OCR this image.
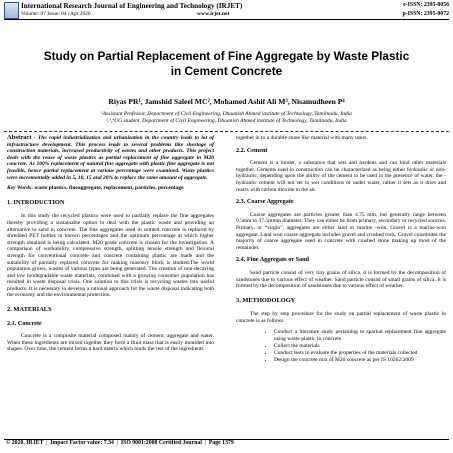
International Research Journal of Engineering and Technology (IRJET)
Volume: 07 Issue: 04 | Apr 2020	www.irjet.net
e-ISSN: 2395-0056
p-ISSN: 2395-0072
Study on Partial Replacement of Fine Aggregate by Waste Plastic
in Cement Concrete
Riyas PR¹, Jamshid Saleel MC², Mohamed Ashif Ali M³, Nisamudheen P⁴
¹Assistant Professor, Department of Civil Engineering, Dhaanish Ahmed institute of Technology, Tamilnadu, India
²,³,⁴UG student, Department of Civil Engineering, Dhaanish Ahmed institute of Technology, Tamilnadu, India

Abstract - The rapid industrialization and urbanization in the country leads to lot of infrastructure development. This process leads to several problems like shortage of construction materials, increased productivity of wastes and other products. This project deals with the reuse of waste plastics as partial replacement of fine aggregate in M20 concrete. As 100% replacement of natural fine aggregate with plastic fine aggregate is not feasible, hence partial replacement at various percentage were examined. Waste plastics were incrementally added in 5, 10, 15 and 20% to replace the same amount of aggregate.

Key Words: waste plastics, fineaggregate, replacement, particles, percentage

1. INTRODUCTION

In this study the recycled plastics were used to partially replace the fine aggregates thereby providing a sustainable option to deal with the plastic waste and providing an alternative to sand in concrete. The fine aggregates used in cement concrete is replaced by shredded PET bottles in known percentages and the optimum percentage at which higher strength obtained is being calculated. M20 grade concrete is chosen for the investigation. A comparison of workability, compressive strength, splitting tensile strength and flexural strength for conventional concrete and concrete containing plastic are made and the suitability of partially replaced concrete for making masonry block is studied.The world population grows, wastes of various types are being generated. The creation of non-decaying and low biodegradable waste materials, combined with a growing consumer population has resulted in waste disposal crisis. One solution to this crisis is recycling wastes into useful products. It is necessary to develop a rational approach for the waste disposal indicating both the economy and the environmental protection.

2. MATERIALS
2.1. Concrete

Concrete is a composite material composed mainly of cement, aggregate and water. When these ingredients are mixed together they form a fluid mass that is easily moulded into shapes. Over time, the cement forms a hard matrix which binds the rest of the ingredients

together in to a durable stone like material with many users.

2.2. Cement

Cement is a binder, a substance that sets and hardens and can bind other materials together. Cements used in construction can be characterized as being either hydraulic or non-hydraulic, depending upon the ability of the cement to be used in the presence of water. the - hydraulic cement will not set in wet conditions or under water, rather it sets as it dries and reacts with carbon dioxide in the air.

2.3. Coarse Aggregate

Coarse aggregates are particles greater than 4.75 mm. but generally range between 9.5mm to 37.5mmin diameter. They can either be from primary, secondary or recycled sources. Primary, or “virgin”, aggregates are either land or marine -won. Gravel is a marine-won aggregate. Land won coarse aggregate includes gravel and crushed rock. Gravel constitutes the majority of coarse aggregate used in concrete with crushed stone making up most of the remainder.

2.4. Fine Aggregate or Sand

Sand particle consist of very tiny grains of silica, it is formed by the decomposition of sandstones due to various effect of weather. Sand particle consist of small grains of silica. It is formed by the decomposition of sandstones due to various effect of weather.

3. METHODOLOGY

The step by step procedure for the study on partial replacement of waste plastic in concrete is as follows

• Conduct a literature study pertaining to spartial replacement fine aggregate using waste plastic in concrete.
• Collect the materials
• Conduct tests to evaluate the properties of the materials collected
• Design the concrete mix of M20 concrete as per IS 10262:2009
© 2020, IRJET  |  Impact Factor value: 7.34  |  ISO 9001:2008 Certified Journal  |  Page 1379
